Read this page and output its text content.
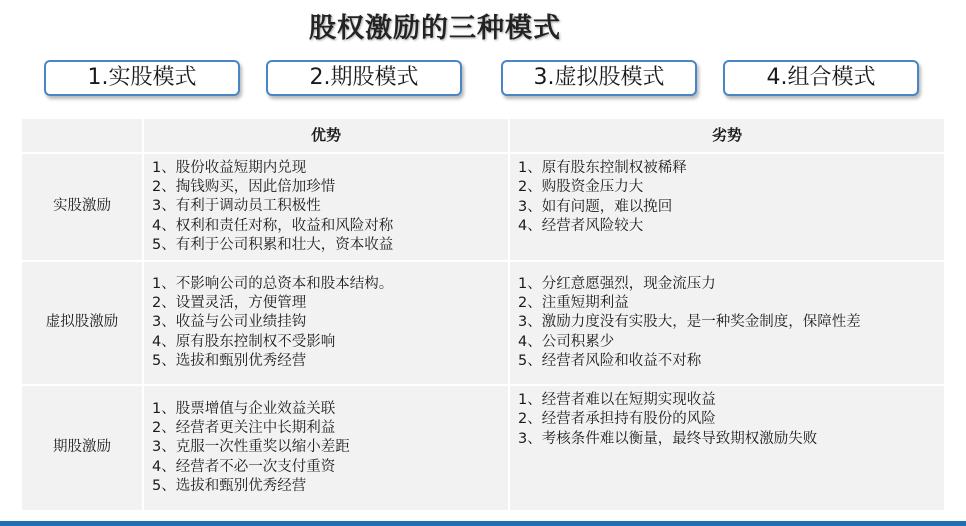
股权激励的三种模式
1.实股模式	2.期股模式	3.虚拟股模式	4.组合模式
	优势	劣势
实股激励	1、股份收益短期内兑现
2、掏钱购买，因此倍加珍惜
3、有利于调动员工积极性
4、权利和责任对称，收益和风险对称
5、有利于公司积累和壮大，资本收益	1、原有股东控制权被稀释
2、购股资金压力大
3、如有问题，难以挽回
4、经营者风险较大

虚拟股激励	1、不影响公司的总资本和股本结构。
2、设置灵活，方便管理
3、收益与公司业绩挂钩
4、原有股东控制权不受影响
5、选拔和甄别优秀经营	1、分红意愿强烈，现金流压力
2、注重短期利益
3、激励力度没有实股大，是一种奖金制度，保障性差
4、公司积累少
5、经营者风险和收益不对称

期股激励	1、股票增值与企业效益关联
2、经营者更关注中长期利益
3、克服一次性重奖以缩小差距
4、经营者不必一次支付重资
5、选拔和甄别优秀经营	1、经营者难以在短期实现收益
2、经营者承担持有股份的风险
3、考核条件难以衡量，最终导致期权激励失败
